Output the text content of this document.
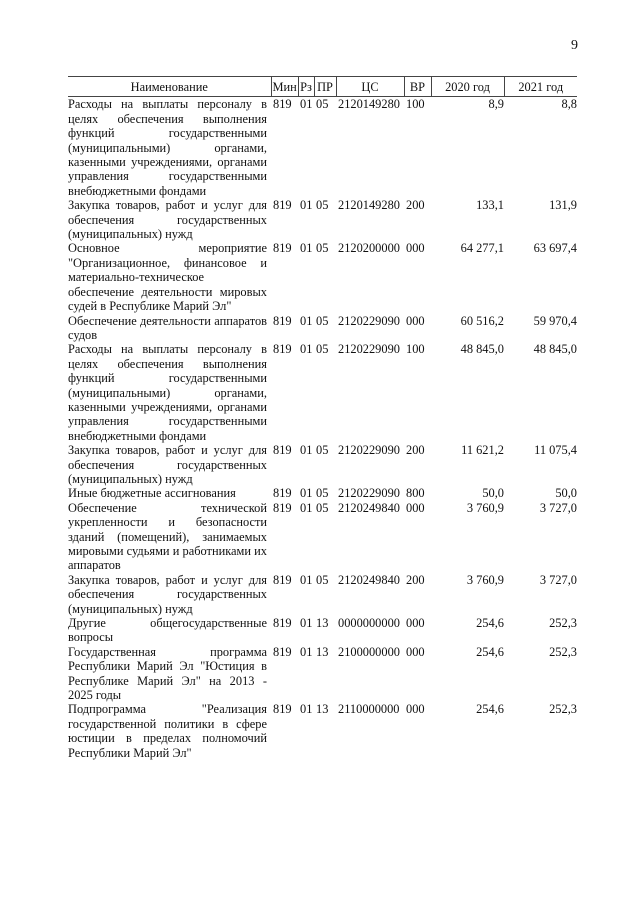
9
Наименование	Мин	Рз	ПР	ЦС	ВР	2020 год	2021 год
Расходы на выплаты персоналу в целях обеспечения выполнения функций государственными (муниципальными) органами, казенными учреждениями, органами управления государственными внебюджетными фондами	819	01	05	2120149280	100	8,9	8,8
Закупка товаров, работ и услуг для обеспечения государственных (муниципальных) нужд	819	01	05	2120149280	200	133,1	131,9
Основное мероприятие "Организационное, финансовое и материально-техническое обеспечение деятельности мировых судей в Республике Марий Эл"	819	01	05	2120200000	000	64 277,1	63 697,4
Обеспечение деятельности аппаратов судов	819	01	05	2120229090	000	60 516,2	59 970,4
Расходы на выплаты персоналу в целях обеспечения выполнения функций государственными (муниципальными) органами, казенными учреждениями, органами управления государственными внебюджетными фондами	819	01	05	2120229090	100	48 845,0	48 845,0
Закупка товаров, работ и услуг для обеспечения государственных (муниципальных) нужд	819	01	05	2120229090	200	11 621,2	11 075,4
Иные бюджетные ассигнования	819	01	05	2120229090	800	50,0	50,0
Обеспечение технической укрепленности и безопасности зданий (помещений), занимаемых мировыми судьями и работниками их аппаратов	819	01	05	2120249840	000	3 760,9	3 727,0
Закупка товаров, работ и услуг для обеспечения государственных (муниципальных) нужд	819	01	05	2120249840	200	3 760,9	3 727,0
Другие общегосударственные вопросы	819	01	13	0000000000	000	254,6	252,3
Государственная программа Республики Марий Эл "Юстиция в Республике Марий Эл" на 2013 - 2025 годы	819	01	13	2100000000	000	254,6	252,3
Подпрограмма "Реализация государственной политики в сфере юстиции в пределах полномочий Республики Марий Эл"	819	01	13	2110000000	000	254,6	252,3
